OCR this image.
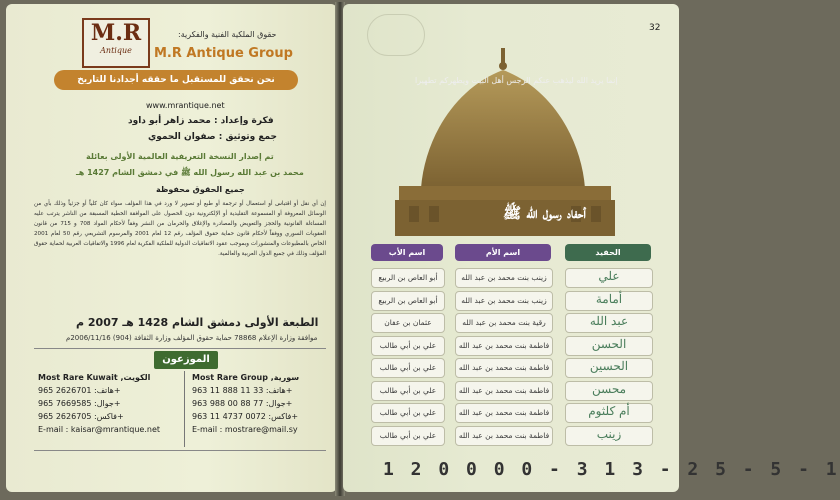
حقوق الملكية الفنية والفكرية:
M.R
Antique	M.R Antique Group
نحن نحقق للمستقبل ما حققه أجدادنا للتاريخ
www.mrantique.net
فكرة وإعداد : محمد زاهر أبو داود
جمع وتوثيق : صفوان الحموي
تم إصدار النسخة التعريفية العالمية الأولى بعائلة
محمد بن عبد الله رسول الله ﷺ في دمشق الشام 1427 هـ
جميع الحقوق محفوظة
إن أي نقل أو اقتباس أو استعمال أو ترجمة أو طبع أو تصوير لا ورد في هذا المؤلف سواء كان كلياً أو جزئياً وذلك بأي من الوسائل المعروفة أو المسموعة التقليدية أو الإلكترونية دون الحصول على الموافقة الخطية المسبقة من الناشر يترتب عليه المساءلة القانونية والحجز والتعويض والمصادرة والإغلاق والحرمان من النشر وفقاً لأحكام المواد 708 و 715 من قانون العقوبات السوري ووفقاً لأحكام قانون حماية حقوق المؤلف رقم 12 لعام 2001 والمرسوم التشريعي رقم 50 لعام 2001 الخاص بالمطبوعات والمنشورات وبموجب عقود الاتفاقيات الدولية للملكية الفكرية لعام 1996 والاتفاقيات العربية لحماية حقوق المؤلف وذلك في جميع الدول العربية والعالمية.
الطبعة الأولى دمشق الشام 1428 هـ 2007 م
موافقة وزارة الإعلام 78868 حماية حقوق المؤلف وزارة الثقافة (904) 2006/11/16م
الموزعون
Most Rare Group ,سورية
هاتف: 33 11 888 11 963+
جوال: 77 88 00 988 963+
فاكس: 0072 4737 11 963+
E-mail : mostrare@mail.sy
Most Rare Kuwait ,الكويت
هاتف: 2626701 965+
جوال: 7669585 965+
فاكس: 2626705 965+
E-mail : kaisar@mrantique.net
32
إنما يريد الله ليذهب عنكم الرجس أهل البيت ويطهركم تطهيرا
أحفاد رسول الله ﷺ
اسم الأب	اسم الأم	الحفيد
أبو العاص بن الربيع	زينب بنت محمد بن عبد الله	علي
أبو العاص بن الربيع	زينب بنت محمد بن عبد الله	أمامة
عثمان بن عفان	رقية بنت محمد بن عبد الله	عبد الله
علي بن أبي طالب	فاطمة بنت محمد بن عبد الله	الحسن
علي بن أبي طالب	فاطمة بنت محمد بن عبد الله	الحسين
علي بن أبي طالب	فاطمة بنت محمد بن عبد الله	محسن
علي بن أبي طالب	فاطمة بنت محمد بن عبد الله	أم كلثوم
علي بن أبي طالب	فاطمة بنت محمد بن عبد الله	زينب
1 2 0 0 0 0 - 3 1 3 - 2 5 - 5 - 1
